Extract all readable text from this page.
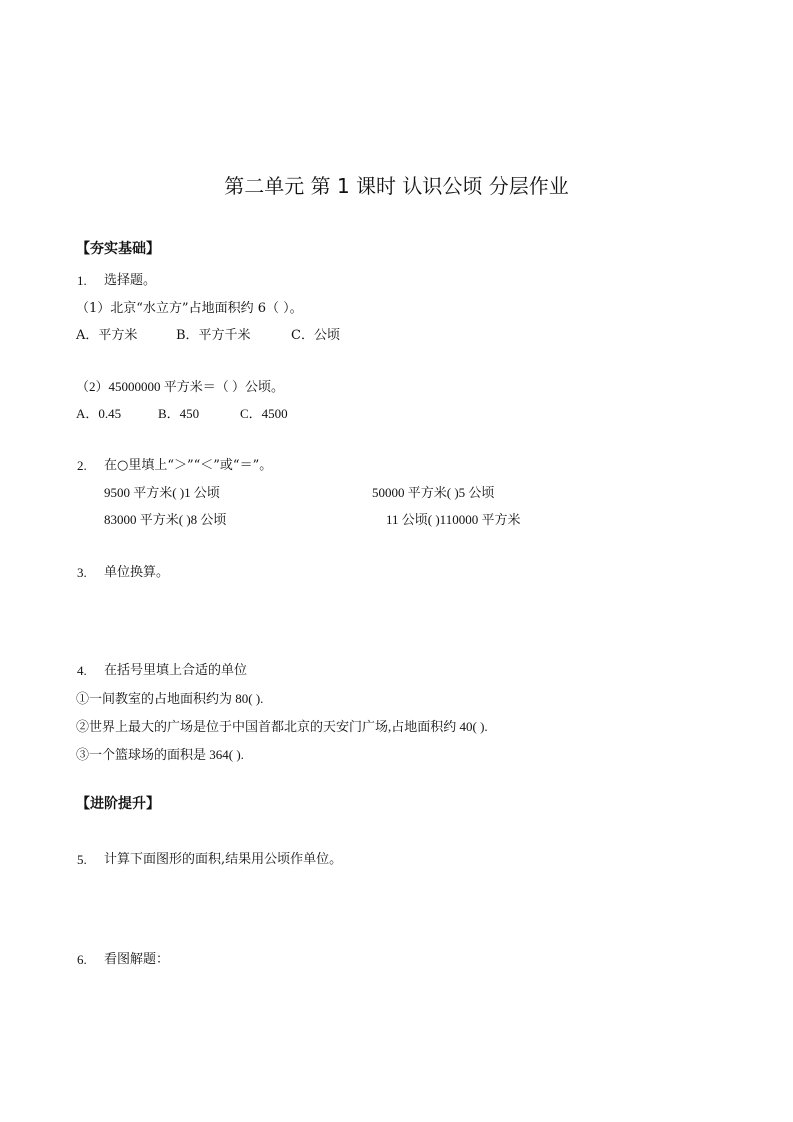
第二单元 第 1 课时 认识公顷 分层作业
【夯实基础】
1. 选择题。
（1）北京“水立方”占地面积约 6（ ）。
A．平方米	B．平方千米	C．公顷
（2）45000000 平方米＝（ ）公顷。
A．0.45	B．450	C．4500
2. 在○里填上“＞”“＜”或“＝”。
9500 平方米( )1 公顷	50000 平方米( )5 公顷
83000 平方米( )8 公顷	11 公顷( )110000 平方米
3. 单位换算。
4. 在括号里填上合适的单位
①一间教室的占地面积约为 80( ).
②世界上最大的广场是位于中国首都北京的天安门广场,占地面积约 40( ).
③一个篮球场的面积是 364( ).
【进阶提升】
5. 计算下面图形的面积,结果用公顷作单位。
6. 看图解题：
